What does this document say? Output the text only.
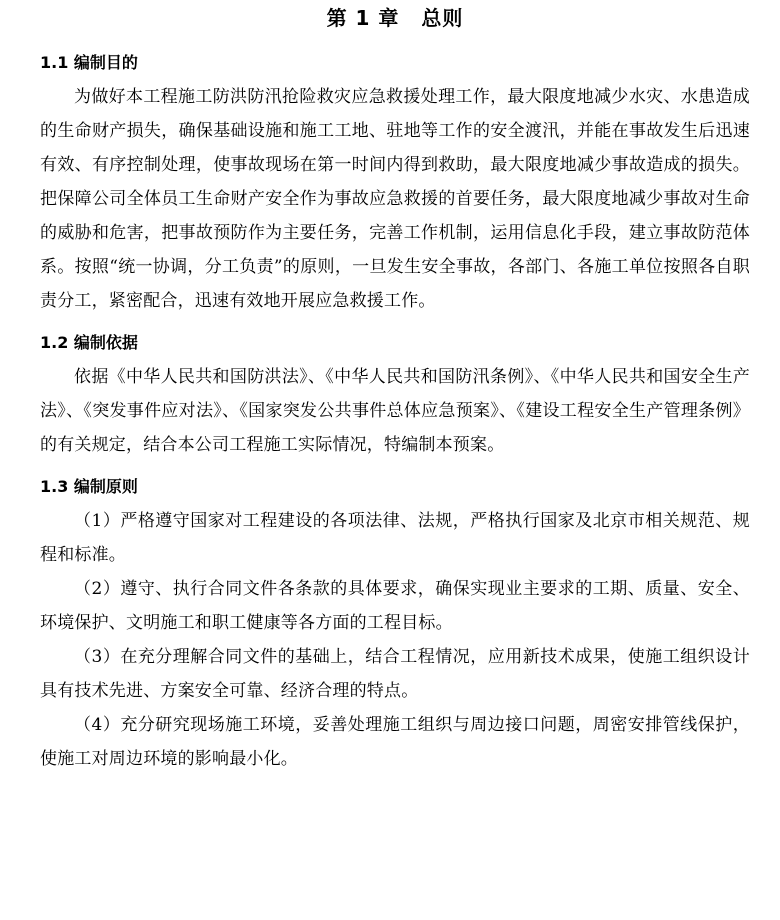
第 1 章 总则
1.1 编制目的

为做好本工程施工防洪防汛抢险救灾应急救援处理工作，最大限度地减少水灾、水患造成的生命财产损失，确保基础设施和施工工地、驻地等工作的安全渡汛，并能在事故发生后迅速有效、有序控制处理，使事故现场在第一时间内得到救助，最大限度地减少事故造成的损失。把保障公司全体员工生命财产安全作为事故应急救援的首要任务，最大限度地减少事故对生命的威胁和危害，把事故预防作为主要任务，完善工作机制，运用信息化手段，建立事故防范体系。按照“统一协调，分工负责”的原则，一旦发生安全事故，各部门、各施工单位按照各自职责分工，紧密配合，迅速有效地开展应急救援工作。

1.2 编制依据

依据《中华人民共和国防洪法》、《中华人民共和国防汛条例》、《中华人民共和国安全生产法》、《突发事件应对法》、《国家突发公共事件总体应急预案》、《建设工程安全生产管理条例》的有关规定，结合本公司工程施工实际情况，特编制本预案。

1.3 编制原则

（1）严格遵守国家对工程建设的各项法律、法规，严格执行国家及北京市相关规范、规程和标准。

（2）遵守、执行合同文件各条款的具体要求，确保实现业主要求的工期、质量、安全、环境保护、文明施工和职工健康等各方面的工程目标。

（3）在充分理解合同文件的基础上，结合工程情况，应用新技术成果，使施工组织设计具有技术先进、方案安全可靠、经济合理的特点。

（4）充分研究现场施工环境，妥善处理施工组织与周边接口问题，周密安排管线保护，使施工对周边环境的影响最小化。
